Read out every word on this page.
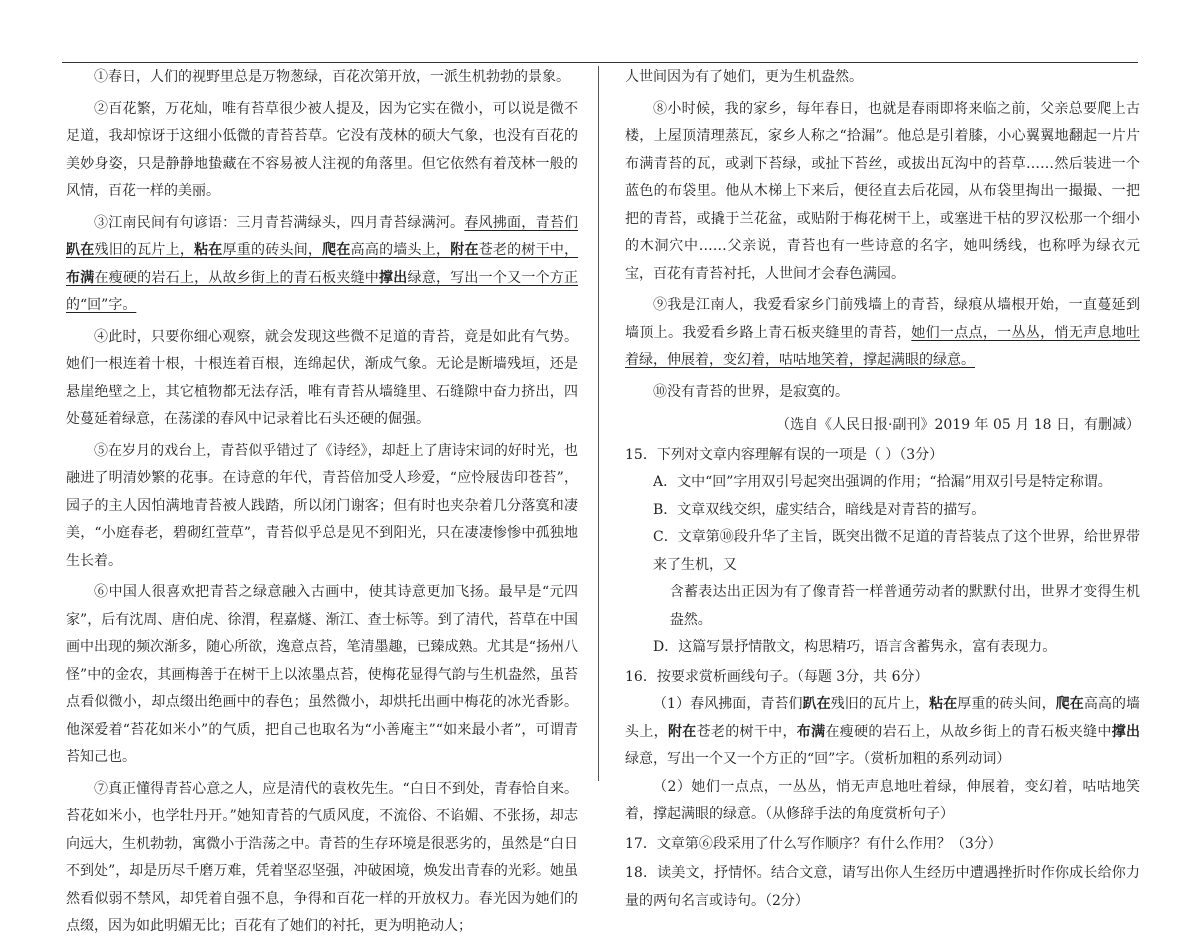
①春日，人们的视野里总是万物葱绿，百花次第开放，一派生机勃勃的景象。

②百花繁，万花灿，唯有苔草很少被人提及，因为它实在微小，可以说是微不足道，我却惊讶于这细小低微的青苔苔草。它没有茂林的硕大气象，也没有百花的美妙身姿，只是静静地蛰藏在不容易被人注视的角落里。但它依然有着茂林一般的风情，百花一样的美丽。

③江南民间有句谚语：三月青苔满绿头，四月青苔绿满河。春风拂面，青苔们趴在残旧的瓦片上，粘在厚重的砖头间，爬在高高的墙头上，附在苍老的树干中，布满在瘦硬的岩石上，从故乡街上的青石板夹缝中撑出绿意，写出一个又一个方正的“回”字。

④此时，只要你细心观察，就会发现这些微不足道的青苔，竟是如此有气势。她们一根连着十根，十根连着百根，连绵起伏，渐成气象。无论是断墙残垣，还是悬崖绝壁之上，其它植物都无法存活，唯有青苔从墙缝里、石缝隙中奋力挤出，四处蔓延着绿意，在荡漾的春风中记录着比石头还硬的倔强。

⑤在岁月的戏台上，青苔似乎错过了《诗经》，却赶上了唐诗宋词的好时光，也融进了明清妙繁的花事。在诗意的年代，青苔倍加受人珍爱，“应怜屐齿印苍苔”，园子的主人因怕满地青苔被人践踏，所以闭门谢客；但有时也夹杂着几分落寞和凄美，“小庭春老，碧砌红萱草”，青苔似乎总是见不到阳光，只在凄凄惨惨中孤独地生长着。

⑥中国人很喜欢把青苔之绿意融入古画中，使其诗意更加飞扬。最早是“元四家”，后有沈周、唐伯虎、徐渭，程嘉燧、渐江、查士标等。到了清代，苔草在中国画中出现的频次渐多，随心所欲，逸意点苔，笔清墨趣，已臻成熟。尤其是“扬州八怪”中的金农，其画梅善于在树干上以浓墨点苔，使梅花显得气韵与生机盎然，虽苔点看似微小，却点缀出绝画中的春色；虽然微小，却烘托出画中梅花的冰光香影。他深爱着“苔花如米小”的气质，把自己也取名为“小善庵主”“如来最小者”，可谓青苔知己也。

⑦真正懂得青苔心意之人，应是清代的袁枚先生。“白日不到处，青春恰自来。苔花如米小，也学牡丹开。”她知青苔的气质风度，不流俗、不谄媚、不张扬，却志向远大，生机勃勃，寓微小于浩荡之中。青苔的生存环境是很恶劣的，虽然是“白日不到处”，却是历尽千磨万难，凭着坚忍坚强，冲破困境，焕发出青春的光彩。她虽然看似弱不禁风，却凭着自强不息，争得和百花一样的开放权力。春光因为她们的点缀，因为如此明媚无比；百花有了她们的衬托，更为明艳动人；

人世间因为有了她们，更为生机盎然。

⑧小时候，我的家乡，每年春日，也就是春雨即将来临之前，父亲总要爬上古楼，上屋顶清理蒸瓦，家乡人称之“拾漏”。他总是引着膝，小心翼翼地翻起一片片布满青苔的瓦，或剥下苔绿，或扯下苔丝，或拔出瓦沟中的苔草……然后装进一个蓝色的布袋里。他从木梯上下来后，便径直去后花园，从布袋里掏出一撮撮、一把把的青苔，或撬于兰花盆，或贴附于梅花树干上，或塞进干枯的罗汉松那一个细小的木洞穴中……父亲说，青苔也有一些诗意的名字，她叫绣线，也称呼为绿衣元宝，百花有青苔衬托，人世间才会春色满园。

⑨我是江南人，我爱看家乡门前残墙上的青苔，绿痕从墙根开始，一直蔓延到墙顶上。我爱看乡路上青石板夹缝里的青苔，她们一点点，一丛丛，悄无声息地吐着绿，伸展着，变幻着，咕咕地笑着，撑起满眼的绿意。

⑩没有青苔的世界，是寂寞的。

（选自《人民日报·副刊》2019 年 05 月 18 日，有删减）

15．下列对文章内容理解有误的一项是（ ）（3分）

A．文中“回”字用双引号起突出强调的作用；“拾漏”用双引号是特定称谓。

B．文章双线交织，虚实结合，暗线是对青苔的描写。

C．文章第⑩段升华了主旨，既突出微不足道的青苔装点了这个世界，给世界带来了生机，又

含蓄表达出正因为有了像青苔一样普通劳动者的默默付出，世界才变得生机盎然。

D．这篇写景抒情散文，构思精巧，语言含蓄隽永，富有表现力。

16．按要求赏析画线句子。（每题 3分，共 6分）

（1）春风拂面，青苔们趴在残旧的瓦片上，粘在厚重的砖头间，爬在高高的墙头上，附在苍老的树干中，布满在瘦硬的岩石上，从故乡街上的青石板夹缝中撑出绿意，写出一个又一个方正的“回”字。（赏析加粗的系列动词）

（2）她们一点点，一丛丛，悄无声息地吐着绿，伸展着，变幻着，咕咕地笑着，撑起满眼的绿意。（从修辞手法的角度赏析句子）

17．文章第⑥段采用了什么写作顺序？有什么作用？（3分）

18．读美文，抒情怀。结合文意，请写出你人生经历中遭遇挫折时作你成长给你力量的两句名言或诗句。（2分）
